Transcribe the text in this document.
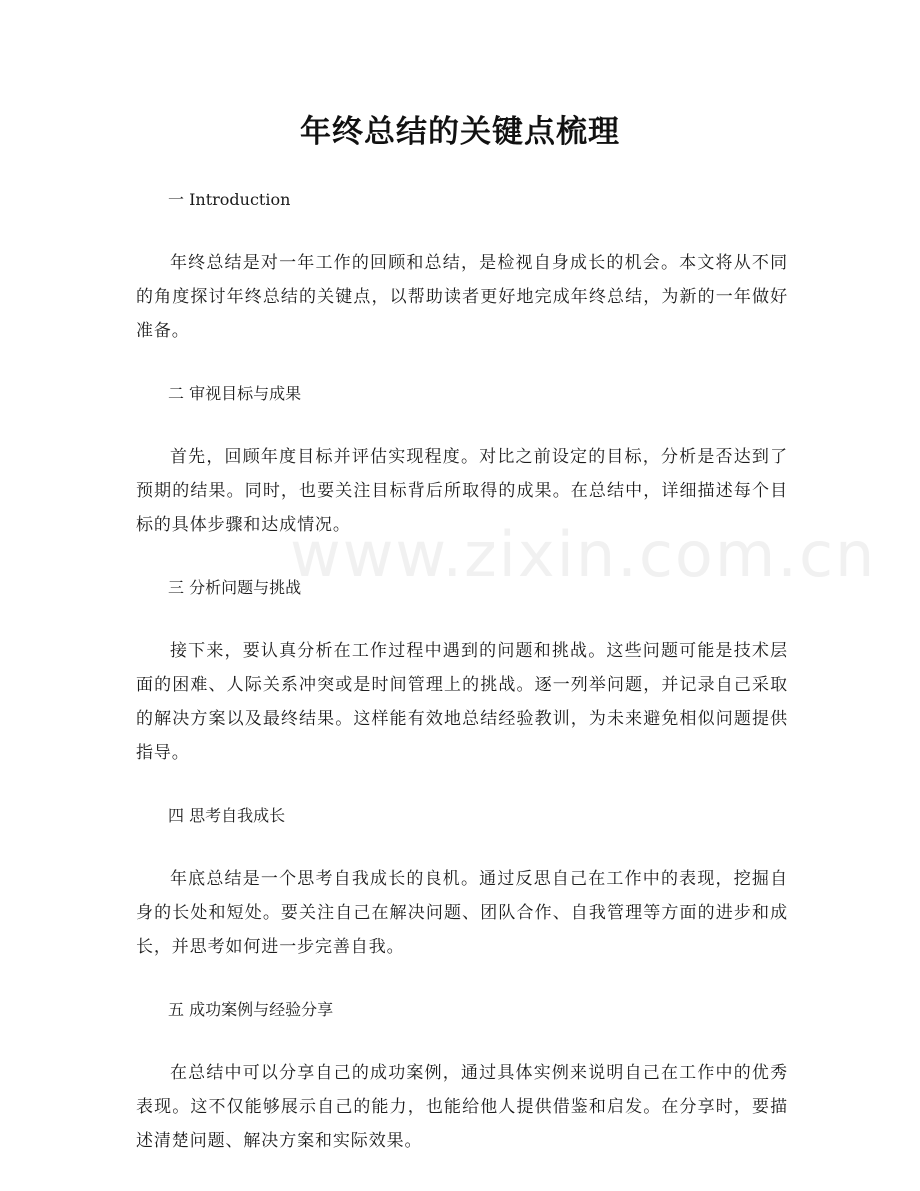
www.zixin.com.cn
年终总结的关键点梳理

一 Introduction

年终总结是对一年工作的回顾和总结，是检视自身成长的机会。本文将从不同的角度探讨年终总结的关键点，以帮助读者更好地完成年终总结，为新的一年做好准备。

二 审视目标与成果

首先，回顾年度目标并评估实现程度。对比之前设定的目标，分析是否达到了预期的结果。同时，也要关注目标背后所取得的成果。在总结中，详细描述每个目标的具体步骤和达成情况。

三 分析问题与挑战

接下来，要认真分析在工作过程中遇到的问题和挑战。这些问题可能是技术层面的困难、人际关系冲突或是时间管理上的挑战。逐一列举问题，并记录自己采取的解决方案以及最终结果。这样能有效地总结经验教训，为未来避免相似问题提供指导。

四 思考自我成长

年底总结是一个思考自我成长的良机。通过反思自己在工作中的表现，挖掘自身的长处和短处。要关注自己在解决问题、团队合作、自我管理等方面的进步和成长，并思考如何进一步完善自我。

五 成功案例与经验分享

在总结中可以分享自己的成功案例，通过具体实例来说明自己在工作中的优秀表现。这不仅能够展示自己的能力，也能给他人提供借鉴和启发。在分享时，要描述清楚问题、解决方案和实际效果。
